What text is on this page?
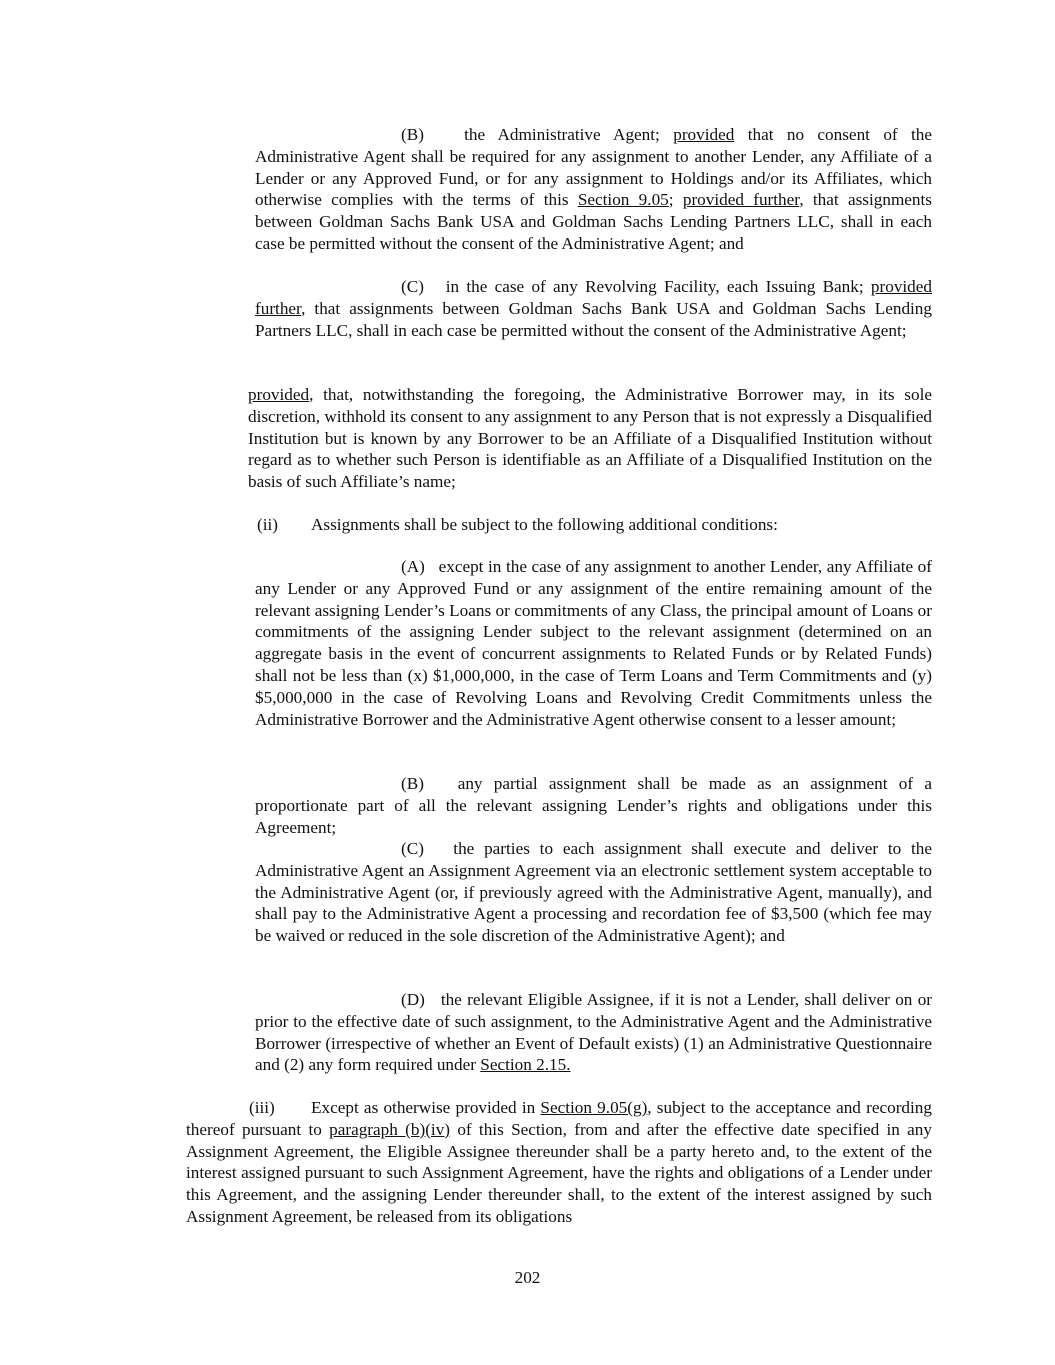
(B) the Administrative Agent; provided that no consent of the Administrative Agent shall be required for any assignment to another Lender, any Affiliate of a Lender or any Approved Fund, or for any assignment to Holdings and/or its Affiliates, which otherwise complies with the terms of this Section 9.05; provided further, that assignments between Goldman Sachs Bank USA and Goldman Sachs Lending Partners LLC, shall in each case be permitted without the consent of the Administrative Agent; and

(C) in the case of any Revolving Facility, each Issuing Bank; provided further, that assignments between Goldman Sachs Bank USA and Goldman Sachs Lending Partners LLC, shall in each case be permitted without the consent of the Administrative Agent;

provided, that, notwithstanding the foregoing, the Administrative Borrower may, in its sole discretion, withhold its consent to any assignment to any Person that is not expressly a Disqualified Institution but is known by any Borrower to be an Affiliate of a Disqualified Institution without regard as to whether such Person is identifiable as an Affiliate of a Disqualified Institution on the basis of such Affiliate’s name;

(ii) Assignments shall be subject to the following additional conditions:

(A) except in the case of any assignment to another Lender, any Affiliate of any Lender or any Approved Fund or any assignment of the entire remaining amount of the relevant assigning Lender’s Loans or commitments of any Class, the principal amount of Loans or commitments of the assigning Lender subject to the relevant assignment (determined on an aggregate basis in the event of concurrent assignments to Related Funds or by Related Funds) shall not be less than (x) $1,000,000, in the case of Term Loans and Term Commitments and (y) $5,000,000 in the case of Revolving Loans and Revolving Credit Commitments unless the Administrative Borrower and the Administrative Agent otherwise consent to a lesser amount;

(B) any partial assignment shall be made as an assignment of a proportionate part of all the relevant assigning Lender’s rights and obligations under this Agreement;

(C) the parties to each assignment shall execute and deliver to the Administrative Agent an Assignment Agreement via an electronic settlement system acceptable to the Administrative Agent (or, if previously agreed with the Administrative Agent, manually), and shall pay to the Administrative Agent a processing and recordation fee of $3,500 (which fee may be waived or reduced in the sole discretion of the Administrative Agent); and

(D) the relevant Eligible Assignee, if it is not a Lender, shall deliver on or prior to the effective date of such assignment, to the Administrative Agent and the Administrative Borrower (irrespective of whether an Event of Default exists) (1) an Administrative Questionnaire and (2) any form required under Section 2.15.

(iii) Except as otherwise provided in Section 9.05(g), subject to the acceptance and recording thereof pursuant to paragraph (b)(iv) of this Section, from and after the effective date specified in any Assignment Agreement, the Eligible Assignee thereunder shall be a party hereto and, to the extent of the interest assigned pursuant to such Assignment Agreement, have the rights and obligations of a Lender under this Agreement, and the assigning Lender thereunder shall, to the extent of the interest assigned by such Assignment Agreement, be released from its obligations

202
